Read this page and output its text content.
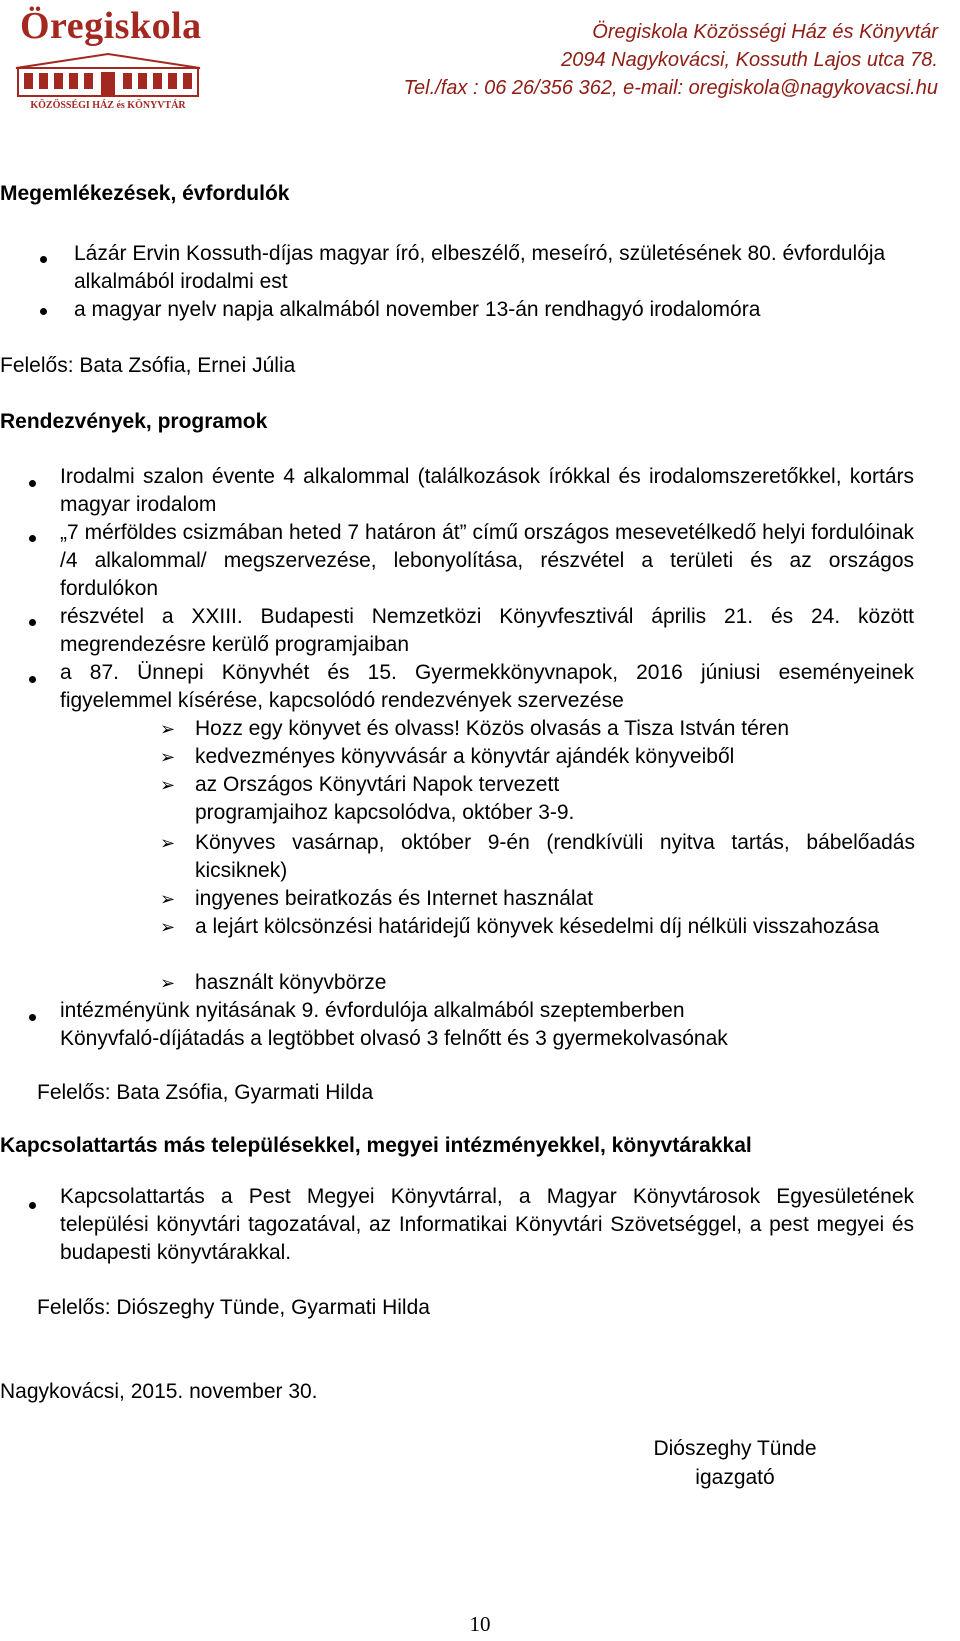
Öregiskola
KÖZÖSSÉGI HÁZ és KÖNYVTÁR
Öregiskola Közösségi Ház és Könyvtár
2094 Nagykovácsi, Kossuth Lajos utca 78.
Tel./fax : 06 26/356 362, e-mail: oregiskola@nagykovacsi.hu
Megemlékezések, évfordulók
Lázár Ervin Kossuth-díjas magyar író, elbeszélő, meseíró, születésének 80. évfordulója alkalmából irodalmi est
a magyar nyelv napja alkalmából november 13-án rendhagyó irodalomóra
Felelős: Bata Zsófia, Ernei Júlia
Rendezvények, programok
Irodalmi szalon évente 4 alkalommal (találkozások írókkal és irodalomszeretőkkel, kortárs magyar irodalom
„7 mérföldes csizmában heted 7 határon át” című országos mesevetélkedő helyi fordulóinak /4 alkalommal/ megszervezése, lebonyolítása, részvétel a területi és az országos fordulókon
részvétel a XXIII. Budapesti Nemzetközi Könyvfesztivál április 21. és 24. között megrendezésre kerülő programjaiban
a 87. Ünnepi Könyvhét és 15. Gyermekkönyvnapok, 2016 júniusi eseményeinek figyelemmel kísérése, kapcsolódó rendezvények szervezése
➢ Hozz egy könyvet és olvass! Közös olvasás a Tisza István téren
➢ kedvezményes könyvvásár a könyvtár ajándék könyveiből
➢ az Országos Könyvtári Napok tervezett programjaihoz kapcsolódva, október 3-9.
➢ Könyves vasárnap, október 9-én (rendkívüli nyitva tartás, bábelőadás kicsiknek)
➢ ingyenes beiratkozás és Internet használat
➢ a lejárt kölcsönzési határidejű könyvek késedelmi díj nélküli visszahozása
➢ használt könyvbörze
intézményünk nyitásának 9. évfordulója alkalmából szeptemberben Könyvfaló-díjátadás a legtöbbet olvasó 3 felnőtt és 3 gyermekolvasónak
Felelős: Bata Zsófia, Gyarmati Hilda
Kapcsolattartás más településekkel, megyei intézményekkel, könyvtárakkal
Kapcsolattartás a Pest Megyei Könyvtárral, a Magyar Könyvtárosok Egyesületének települési könyvtári tagozatával, az Informatikai Könyvtári Szövetséggel, a pest megyei és budapesti könyvtárakkal.
Felelős: Diószeghy Tünde, Gyarmati Hilda
Nagykovácsi, 2015. november 30.
Diószeghy Tünde
igazgató
10
